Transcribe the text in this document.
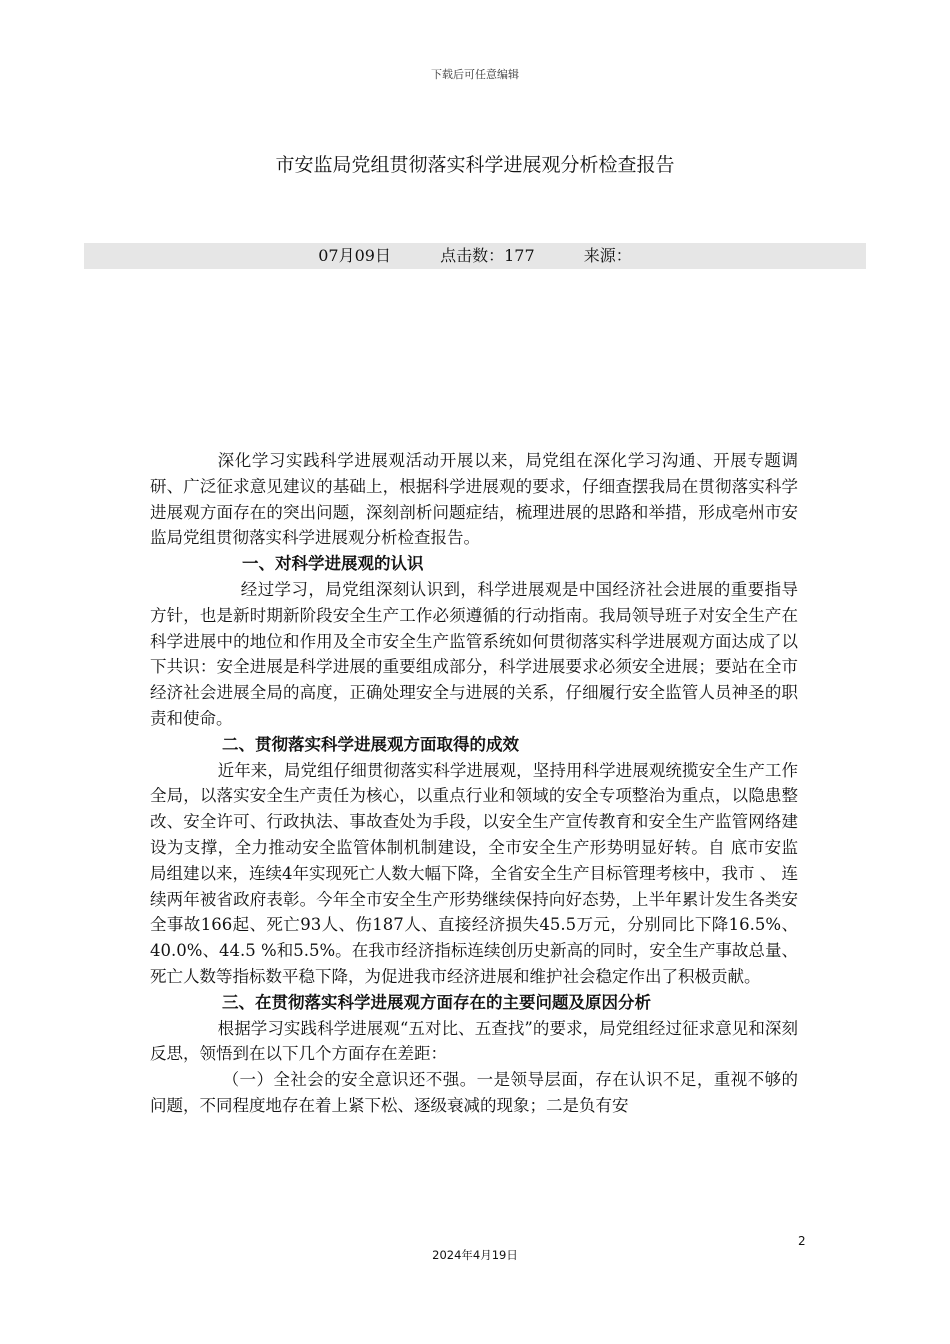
下载后可任意编辑
市安监局党组贯彻落实科学进展观分析检查报告
07月09日	点击数：177	来源：

深化学习实践科学进展观活动开展以来，局党组在深化学习沟通、开展专题调研、广泛征求意见建议的基础上，根据科学进展观的要求，仔细查摆我局在贯彻落实科学进展观方面存在的突出问题，深刻剖析问题症结，梳理进展的思路和举措，形成亳州市安监局党组贯彻落实科学进展观分析检查报告。

一、对科学进展观的认识

经过学习，局党组深刻认识到，科学进展观是中国经济社会进展的重要指导方针，也是新时期新阶段安全生产工作必须遵循的行动指南。我局领导班子对安全生产在科学进展中的地位和作用及全市安全生产监管系统如何贯彻落实科学进展观方面达成了以下共识：安全进展是科学进展的重要组成部分，科学进展要求必须安全进展；要站在全市经济社会进展全局的高度，正确处理安全与进展的关系，仔细履行安全监管人员神圣的职责和使命。

二、贯彻落实科学进展观方面取得的成效

近年来，局党组仔细贯彻落实科学进展观，坚持用科学进展观统揽安全生产工作全局，以落实安全生产责任为核心，以重点行业和领域的安全专项整治为重点，以隐患整改、安全许可、行政执法、事故查处为手段，以安全生产宣传教育和安全生产监管网络建设为支撑，全力推动安全监管体制机制建设，全市安全生产形势明显好转。自 底市安监局组建以来，连续4年实现死亡人数大幅下降，全省安全生产目标管理考核中，我市 、 连续两年被省政府表彰。今年全市安全生产形势继续保持向好态势，上半年累计发生各类安全事故166起、死亡93人、伤187人、直接经济损失45.5万元，分别同比下降16.5%、40.0%、44.5 %和5.5%。在我市经济指标连续创历史新高的同时，安全生产事故总量、死亡人数等指标数平稳下降，为促进我市经济进展和维护社会稳定作出了积极贡献。

三、在贯彻落实科学进展观方面存在的主要问题及原因分析

根据学习实践科学进展观“五对比、五查找”的要求，局党组经过征求意见和深刻反思，领悟到在以下几个方面存在差距：

（一）全社会的安全意识还不强。一是领导层面，存在认识不足，重视不够的问题，不同程度地存在着上紧下松、逐级衰减的现象；二是负有安

2
2024年4月19日
